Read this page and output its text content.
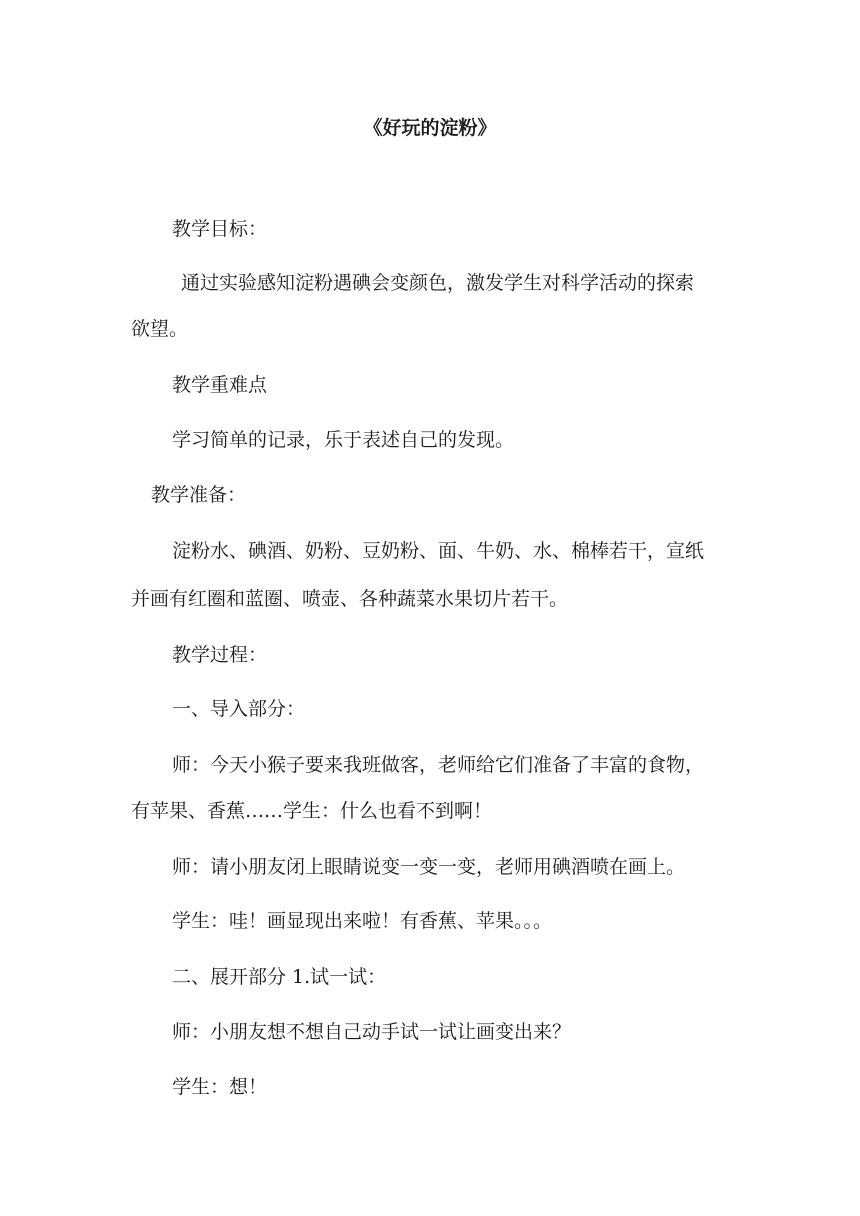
《好玩的淀粉》
教学目标：
通过实验感知淀粉遇碘会变颜色，激发学生对科学活动的探索
欲望。
教学重难点
学习简单的记录，乐于表述自己的发现。
教学准备：
淀粉水、碘酒、奶粉、豆奶粉、面、牛奶、水、棉棒若干，宣纸
并画有红圈和蓝圈、喷壶、各种蔬菜水果切片若干。
教学过程：
一、导入部分：
师：今天小猴子要来我班做客，老师给它们准备了丰富的食物，
有苹果、香蕉……学生：什么也看不到啊！
师：请小朋友闭上眼睛说变一变一变，老师用碘酒喷在画上。
学生：哇！画显现出来啦！有香蕉、苹果。。。
二、展开部分 1.试一试：
师：小朋友想不想自己动手试一试让画变出来？
学生：想！
